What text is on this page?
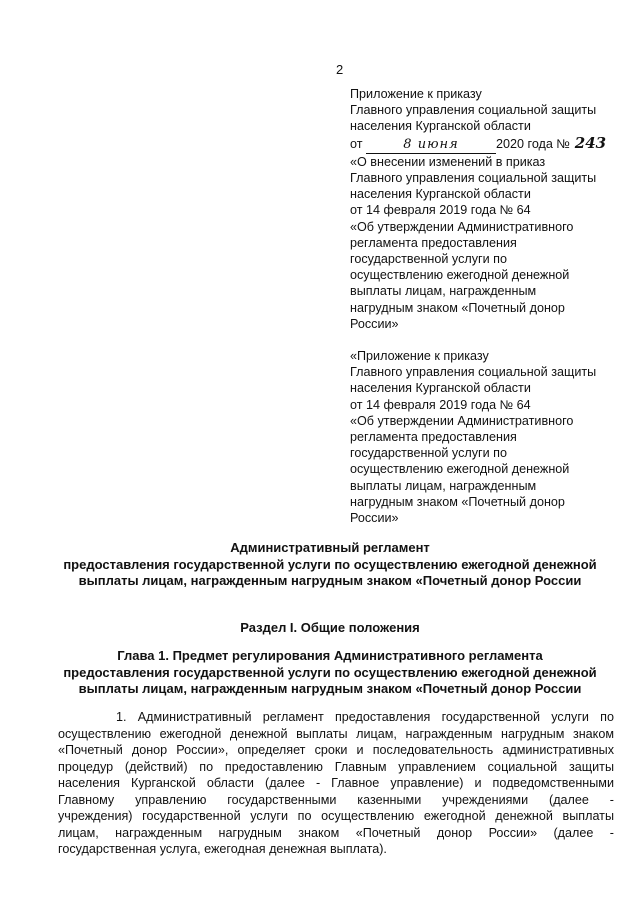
2
Приложение к приказу
Главного управления социальной защиты
населения Курганской области
от	8 июня	2020 года № 243
«О внесении изменений в приказ
Главного управления социальной защиты
населения Курганской области
от 14 февраля 2019 года № 64
«Об утверждении Административного
регламента предоставления
государственной услуги по
осуществлению ежегодной денежной
выплаты лицам, награжденным
нагрудным знаком «Почетный донор
России»
«Приложение к приказу
Главного управления социальной защиты
населения Курганской области
от 14 февраля 2019 года № 64
«Об утверждении Административного
регламента предоставления
государственной услуги по
осуществлению ежегодной денежной
выплаты лицам, награжденным
нагрудным знаком «Почетный донор
России»
Административный регламент
предоставления государственной услуги по осуществлению ежегодной денежной
выплаты лицам, награжденным нагрудным знаком «Почетный донор России
Раздел I. Общие положения
Глава 1. Предмет регулирования Административного регламента
предоставления государственной услуги по осуществлению ежегодной денежной
выплаты лицам, награжденным нагрудным знаком «Почетный донор России
1. Административный регламент предоставления государственной услуги по
осуществлению ежегодной денежной выплаты лицам, награжденным нагрудным знаком
«Почетный донор России», определяет сроки и последовательность административных
процедур (действий) по предоставлению Главным управлением социальной защиты
населения Курганской области (далее - Главное управление) и подведомственными
Главному управлению государственными казенными учреждениями (далее -
учреждения) государственной услуги по осуществлению ежегодной денежной выплаты
лицам, награжденным нагрудным знаком «Почетный донор России» (далее -
государственная услуга, ежегодная денежная выплата).
